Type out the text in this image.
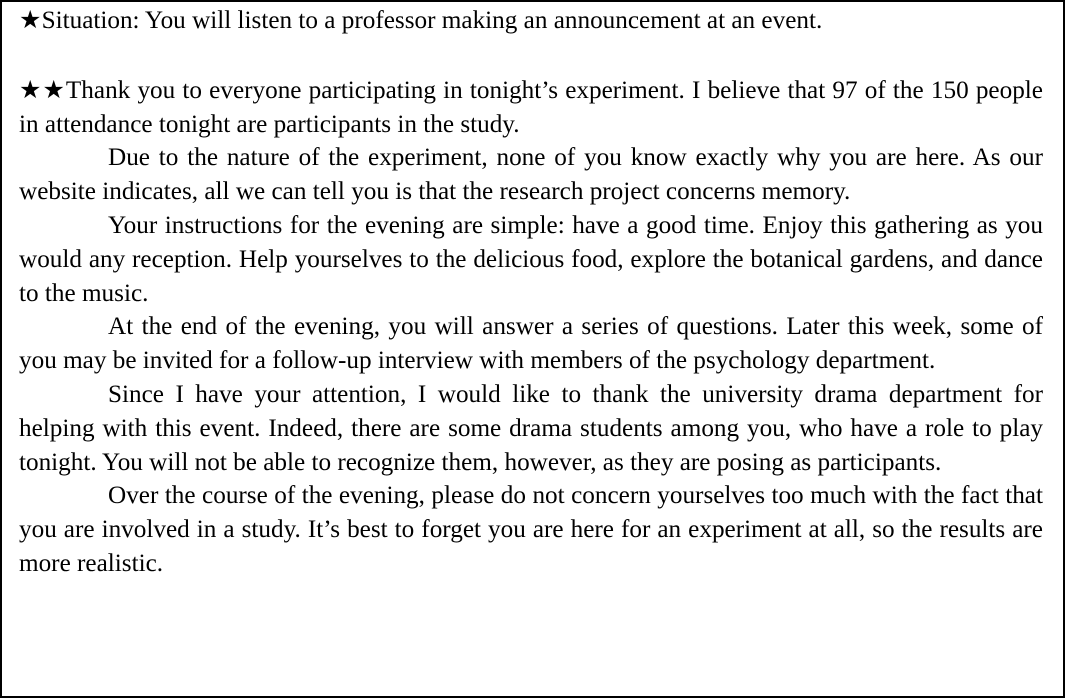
★Situation: You will listen to a professor making an announcement at an event.

★★Thank you to everyone participating in tonight’s experiment. I believe that 97 of the 150 people in attendance tonight are participants in the study.

Due to the nature of the experiment, none of you know exactly why you are here. As our website indicates, all we can tell you is that the research project concerns memory.

Your instructions for the evening are simple: have a good time. Enjoy this gathering as you would any reception. Help yourselves to the delicious food, explore the botanical gardens, and dance to the music.

At the end of the evening, you will answer a series of questions. Later this week, some of you may be invited for a follow-up interview with members of the psychology department.

Since I have your attention, I would like to thank the university drama department for helping with this event. Indeed, there are some drama students among you, who have a role to play tonight. You will not be able to recognize them, however, as they are posing as participants.

Over the course of the evening, please do not concern yourselves too much with the fact that you are involved in a study. It’s best to forget you are here for an experiment at all, so the results are more realistic.
